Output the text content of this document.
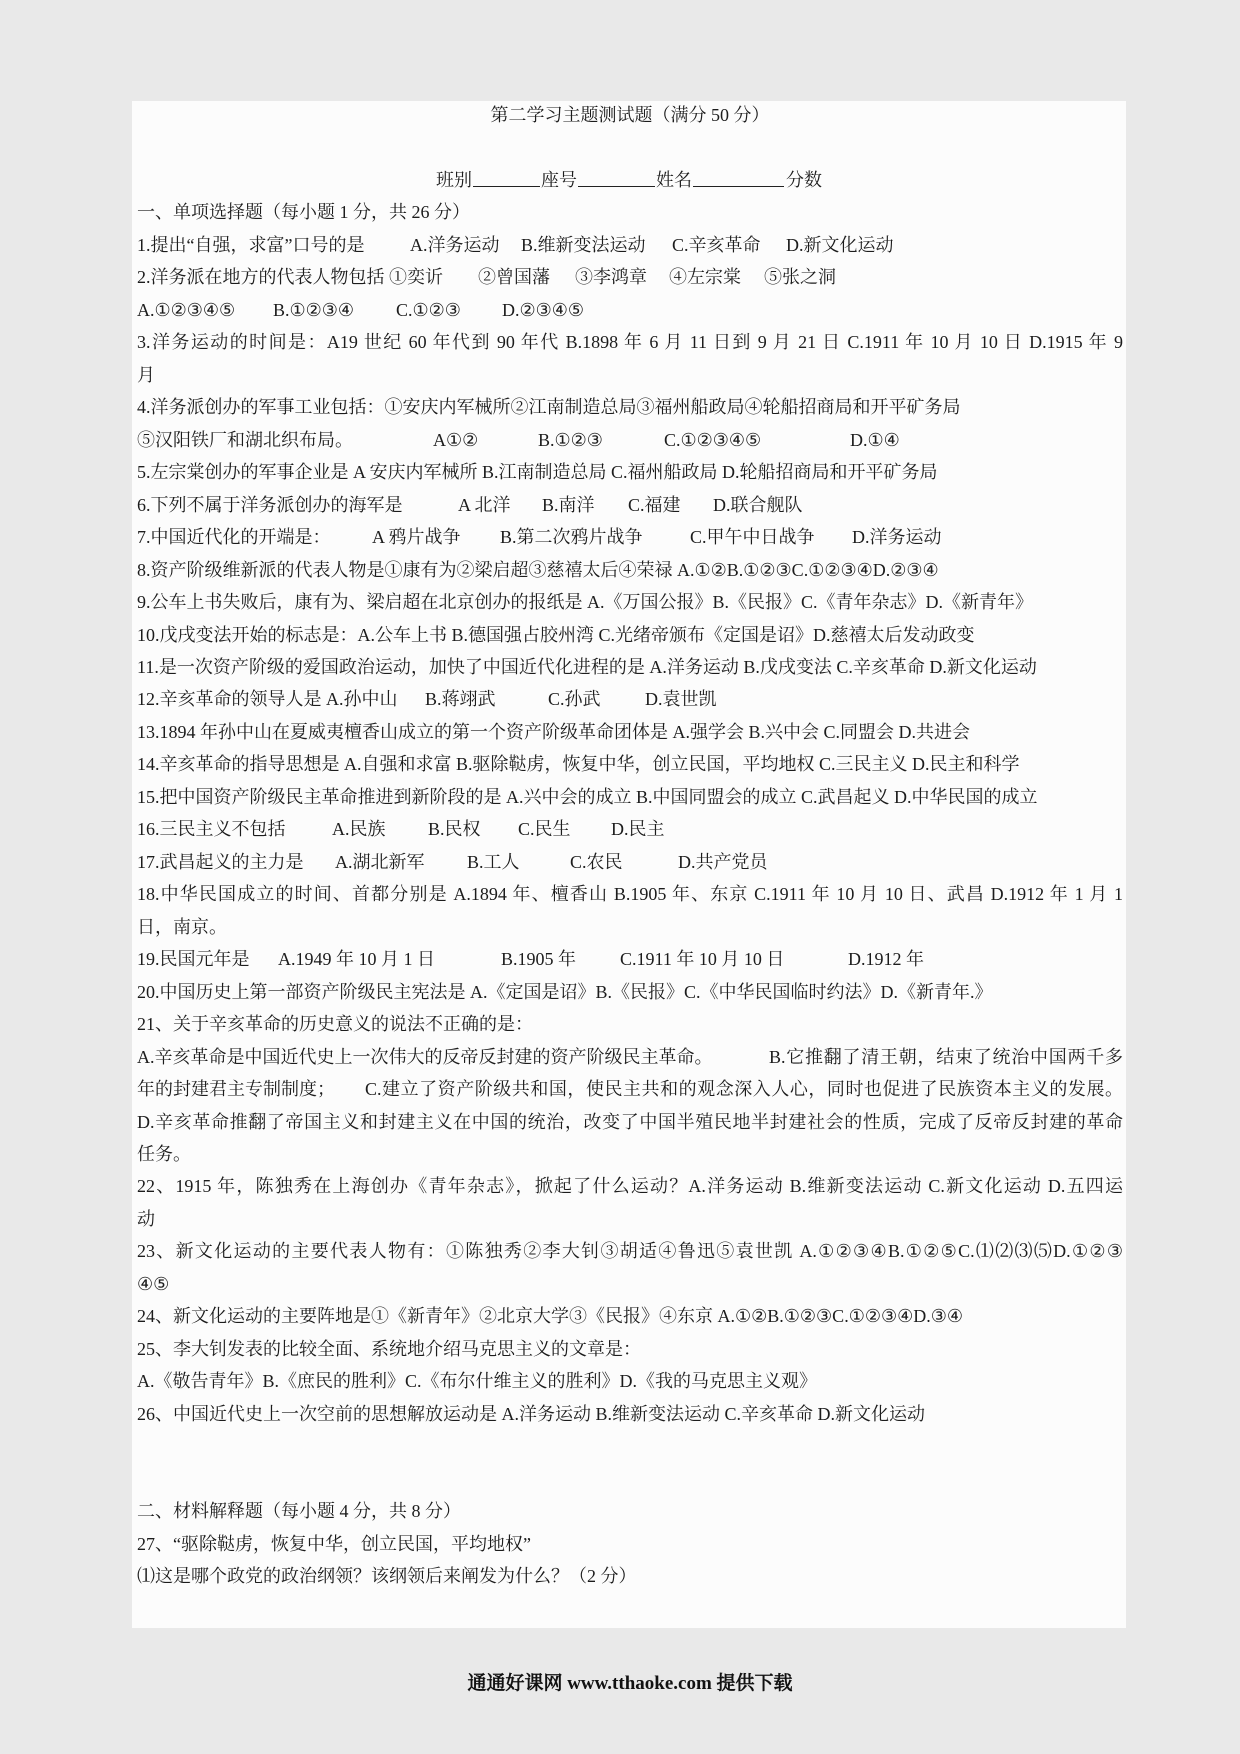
第二学习主题测试题（满分 50 分）
班别	座号	姓名	分数
一、单项选择题（每小题 1 分，共 26 分）
1.提出“自强，求富”口号的是	A.洋务运动 B.维新变法运动 C.辛亥革命 D.新文化运动
2.洋务派在地方的代表人物包括 ①奕䜣 ②曾国藩 ③李鸿章 ④左宗棠 ⑤张之洞
A.①②③④⑤ B.①②③④ C.①②③ D.②③④⑤
3.洋务运动的时间是：A19 世纪 60 年代到 90 年代 B.1898 年 6 月 11 日到 9 月 21 日 C.1911 年 10 月 10 日 D.1915 年 9
月
4.洋务派创办的军事工业包括：①安庆内军械所②江南制造总局③福州船政局④轮船招商局和开平矿务局
⑤汉阳铁厂和湖北织布局。	A①②	B.①②③	C.①②③④⑤	D.①④
5.左宗棠创办的军事企业是 A 安庆内军械所 B.江南制造总局 C.福州船政局 D.轮船招商局和开平矿务局
6.下列不属于洋务派创办的海军是	A 北洋 B.南洋 C.福建 D.联合舰队
7.中国近代化的开端是： A 鸦片战争 B.第二次鸦片战争	C.甲午中日战争 D.洋务运动
8.资产阶级维新派的代表人物是①康有为②梁启超③慈禧太后④荣禄 A.①②B.①②③C.①②③④D.②③④
9.公车上书失败后，康有为、梁启超在北京创办的报纸是 A.《万国公报》B.《民报》C.《青年杂志》D.《新青年》
10.戊戌变法开始的标志是：A.公车上书 B.德国强占胶州湾 C.光绪帝颁布《定国是诏》D.慈禧太后发动政变
11.是一次资产阶级的爱国政治运动，加快了中国近代化进程的是 A.洋务运动 B.戊戌变法 C.辛亥革命 D.新文化运动
12.辛亥革命的领导人是 A.孙中山 B.蒋翊武	C.孙武 D.袁世凯
13.1894 年孙中山在夏威夷檀香山成立的第一个资产阶级革命团体是 A.强学会 B.兴中会 C.同盟会 D.共进会
14.辛亥革命的指导思想是 A.自强和求富 B.驱除鞑虏，恢复中华，创立民国，平均地权 C.三民主义 D.民主和科学
15.把中国资产阶级民主革命推进到新阶段的是 A.兴中会的成立 B.中国同盟会的成立 C.武昌起义 D.中华民国的成立
16.三民主义不包括	A.民族 B.民权 C.民生 D.民主
17.武昌起义的主力是 A.湖北新军 B.工人	C.农民	D.共产党员
18.中华民国成立的时间、首都分别是 A.1894 年、檀香山 B.1905 年、东京 C.1911 年 10 月 10 日、武昌 D.1912 年 1 月 1
日，南京。
19.民国元年是 A.1949 年 10 月 1 日	B.1905 年 C.1911 年 10 月 10 日	D.1912 年
20.中国历史上第一部资产阶级民主宪法是 A.《定国是诏》B.《民报》C.《中华民国临时约法》D.《新青年.》
21、关于辛亥革命的历史意义的说法不正确的是：
A.辛亥革命是中国近代史上一次伟大的反帝反封建的资产阶级民主革命。	B.它推翻了清王朝，结束了统治中国两千多
年的封建君主专制制度； C.建立了资产阶级共和国，使民主共和的观念深入人心，同时也促进了民族资本主义的发展。
D.辛亥革命推翻了帝国主义和封建主义在中国的统治，改变了中国半殖民地半封建社会的性质，完成了反帝反封建的革命
任务。
22、1915 年，陈独秀在上海创办《青年杂志》，掀起了什么运动？A.洋务运动 B.维新变法运动 C.新文化运动 D.五四运
动
23、新文化运动的主要代表人物有：①陈独秀②李大钊③胡适④鲁迅⑤袁世凯 A.①②③④B.①②⑤C.⑴⑵⑶⑸D.①②③
④⑤
24、新文化运动的主要阵地是①《新青年》②北京大学③《民报》④东京 A.①②B.①②③C.①②③④D.③④
25、李大钊发表的比较全面、系统地介绍马克思主义的文章是：
A.《敬告青年》B.《庶民的胜利》C.《布尔什维主义的胜利》D.《我的马克思主义观》
26、中国近代史上一次空前的思想解放运动是 A.洋务运动 B.维新变法运动 C.辛亥革命 D.新文化运动
二、材料解释题（每小题 4 分，共 8 分）
27、“驱除鞑虏，恢复中华，创立民国，平均地权”
⑴这是哪个政党的政治纲领？该纲领后来阐发为什么？（2 分）
通通好课网 www.tthaoke.com 提供下载
